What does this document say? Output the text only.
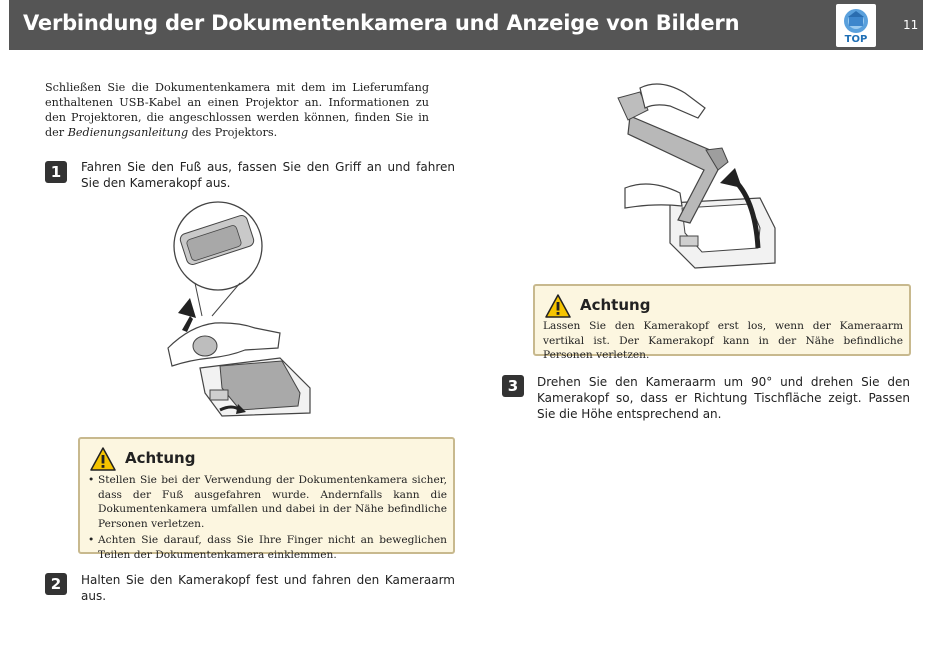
Verbindung der Dokumentenkamera und Anzeige von Bildern
TOP
11
Schließen Sie die Dokumentenkamera mit dem im Lieferumfang enthaltenen USB-Kabel an einen Projektor an. Informationen zu den Projektoren, die angeschlossen werden können, finden Sie in der Bedienungsanleitung des Projektors.
1	Fahren Sie den Fuß aus, fassen Sie den Griff an und fahren Sie den Kamerakopf aus.
Achtung
• Stellen Sie bei der Verwendung der Dokumentenkamera sicher, dass der Fuß ausgefahren wurde. Andernfalls kann die Dokumentenkamera umfallen und dabei in der Nähe befindliche Personen verletzen.
• Achten Sie darauf, dass Sie Ihre Finger nicht an beweglichen Teilen der Dokumentenkamera einklemmen.
2	Halten Sie den Kamerakopf fest und fahren den Kameraarm aus.
Achtung
Lassen Sie den Kamerakopf erst los, wenn der Kameraarm vertikal ist. Der Kamerakopf kann in der Nähe befindliche Personen verletzen.
3	Drehen Sie den Kameraarm um 90° und drehen Sie den Kamerakopf so, dass er Richtung Tischfläche zeigt. Passen Sie die Höhe entsprechend an.
